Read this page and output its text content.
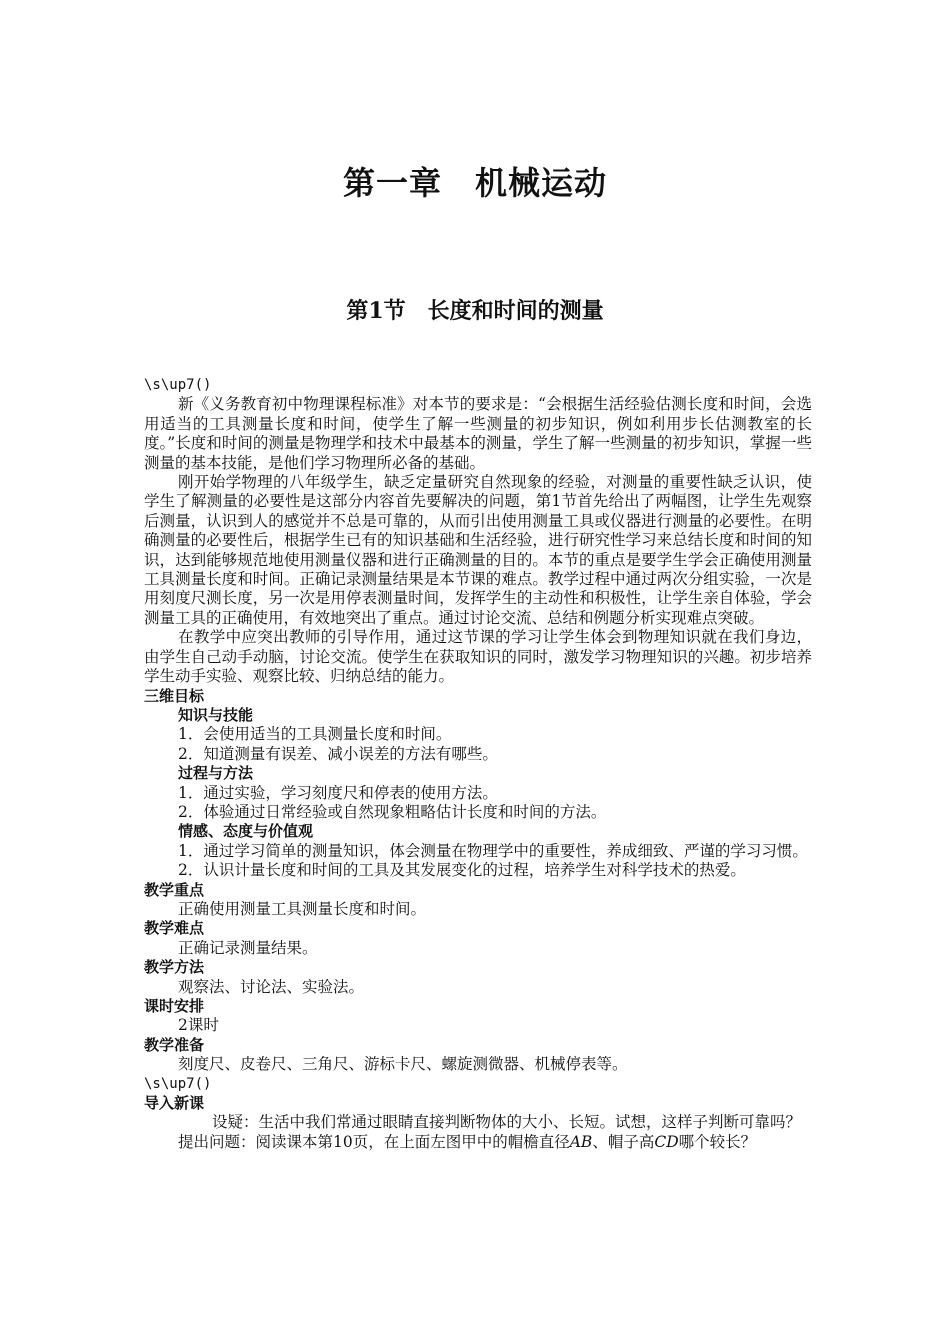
第一章　机械运动
第1节　长度和时间的测量

\s\up7()

新《义务教育初中物理课程标准》对本节的要求是：“会根据生活经验估测长度和时间，会选用适当的工具测量长度和时间，使学生了解一些测量的初步知识，例如利用步长估测教室的长度。”长度和时间的测量是物理学和技术中最基本的测量，学生了解一些测量的初步知识，掌握一些测量的基本技能，是他们学习物理所必备的基础。

刚开始学物理的八年级学生，缺乏定量研究自然现象的经验，对测量的重要性缺乏认识，使学生了解测量的必要性是这部分内容首先要解决的问题，第1节首先给出了两幅图，让学生先观察后测量，认识到人的感觉并不总是可靠的，从而引出使用测量工具或仪器进行测量的必要性。在明确测量的必要性后，根据学生已有的知识基础和生活经验，进行研究性学习来总结长度和时间的知识，达到能够规范地使用测量仪器和进行正确测量的目的。本节的重点是要学生学会正确使用测量工具测量长度和时间。正确记录测量结果是本节课的难点。教学过程中通过两次分组实验，一次是用刻度尺测长度，另一次是用停表测量时间，发挥学生的主动性和积极性，让学生亲自体验，学会测量工具的正确使用，有效地突出了重点。通过讨论交流、总结和例题分析实现难点突破。

在教学中应突出教师的引导作用，通过这节课的学习让学生体会到物理知识就在我们身边，由学生自己动手动脑，讨论交流。使学生在获取知识的同时，激发学习物理知识的兴趣。初步培养学生动手实验、观察比较、归纳总结的能力。

三维目标

知识与技能

1．会使用适当的工具测量长度和时间。

2．知道测量有误差、减小误差的方法有哪些。

过程与方法

1．通过实验，学习刻度尺和停表的使用方法。

2．体验通过日常经验或自然现象粗略估计长度和时间的方法。

情感、态度与价值观

1．通过学习简单的测量知识，体会测量在物理学中的重要性，养成细致、严谨的学习习惯。

2．认识计量长度和时间的工具及其发展变化的过程，培养学生对科学技术的热爱。

教学重点

正确使用测量工具测量长度和时间。

教学难点

正确记录测量结果。

教学方法

观察法、讨论法、实验法。

课时安排

2课时

教学准备

刻度尺、皮卷尺、三角尺、游标卡尺、螺旋测微器、机械停表等。

\s\up7()

导入新课

设疑：生活中我们常通过眼睛直接判断物体的大小、长短。试想，这样子判断可靠吗？

提出问题：阅读课本第10页，在上面左图甲中的帽檐直径AB、帽子高CD哪个较长？
